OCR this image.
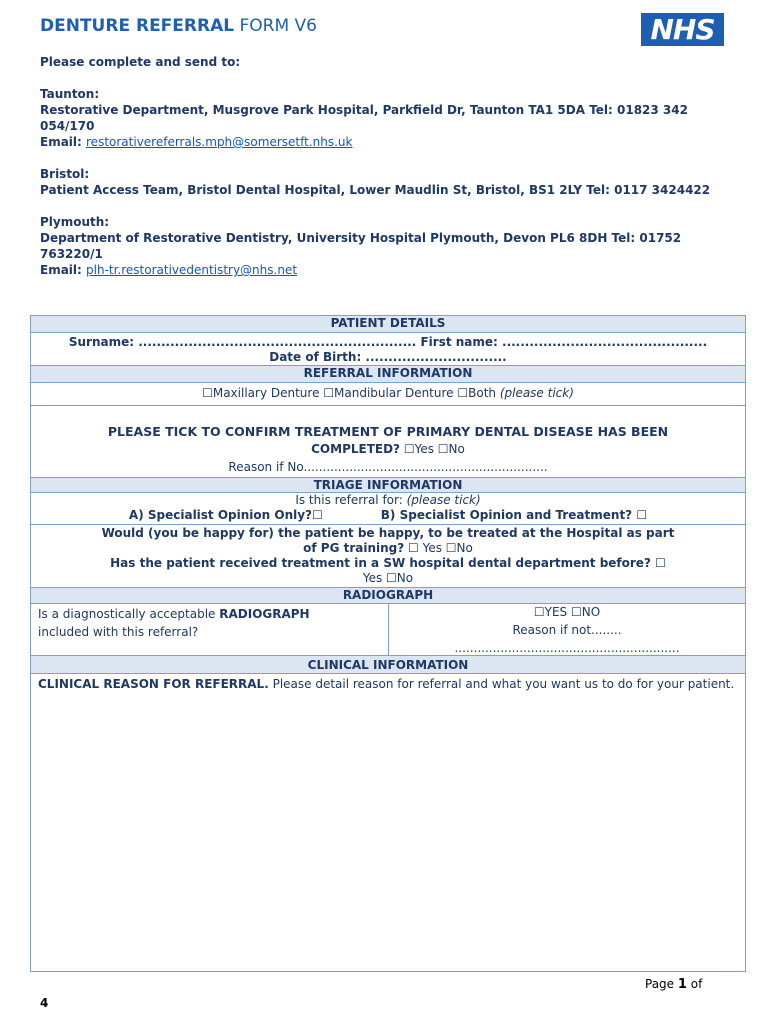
DENTURE REFERRAL FORM V6	NHS

Please complete and send to:

Taunton:

Restorative Department, Musgrove Park Hospital, Parkfield Dr, Taunton TA1 5DA Tel: 01823 342 054/170

Email: restorativereferrals.mph@somersetft.nhs.uk

Bristol:

Patient Access Team, Bristol Dental Hospital, Lower Maudlin St, Bristol, BS1 2LY Tel: 0117 3424422

Plymouth:

Department of Restorative Dentistry, University Hospital Plymouth, Devon PL6 8DH Tel: 01752 763220/1

Email: plh-tr.restorativedentistry@nhs.net

PATIENT DETAILS
Surname: ............................................................. First name: .............................................
Date of Birth: ...............................
REFERRAL INFORMATION
☐Maxillary Denture ☐Mandibular Denture ☐Both (please tick)
PLEASE TICK TO CONFIRM TREATMENT OF PRIMARY DENTAL DISEASE HAS BEEN
COMPLETED? ☐Yes ☐No
Reason if No................................................................
TRIAGE INFORMATION
Is this referral for: (please tick)
A) Specialist Opinion Only?☐	B) Specialist Opinion and Treatment? ☐
Would (you be happy for) the patient be happy, to be treated at the Hospital as part
of PG training? ☐ Yes ☐No
Has the patient received treatment in a SW hospital dental department before? ☐
Yes ☐No
RADIOGRAPH
Is a diagnostically acceptable RADIOGRAPH
included with this referral?
☐YES ☐NO
Reason if not........
...........................................................
CLINICAL INFORMATION
CLINICAL REASON FOR REFERRAL. Please detail reason for referral and what you want us to do for your patient.
Page 1 of
4
